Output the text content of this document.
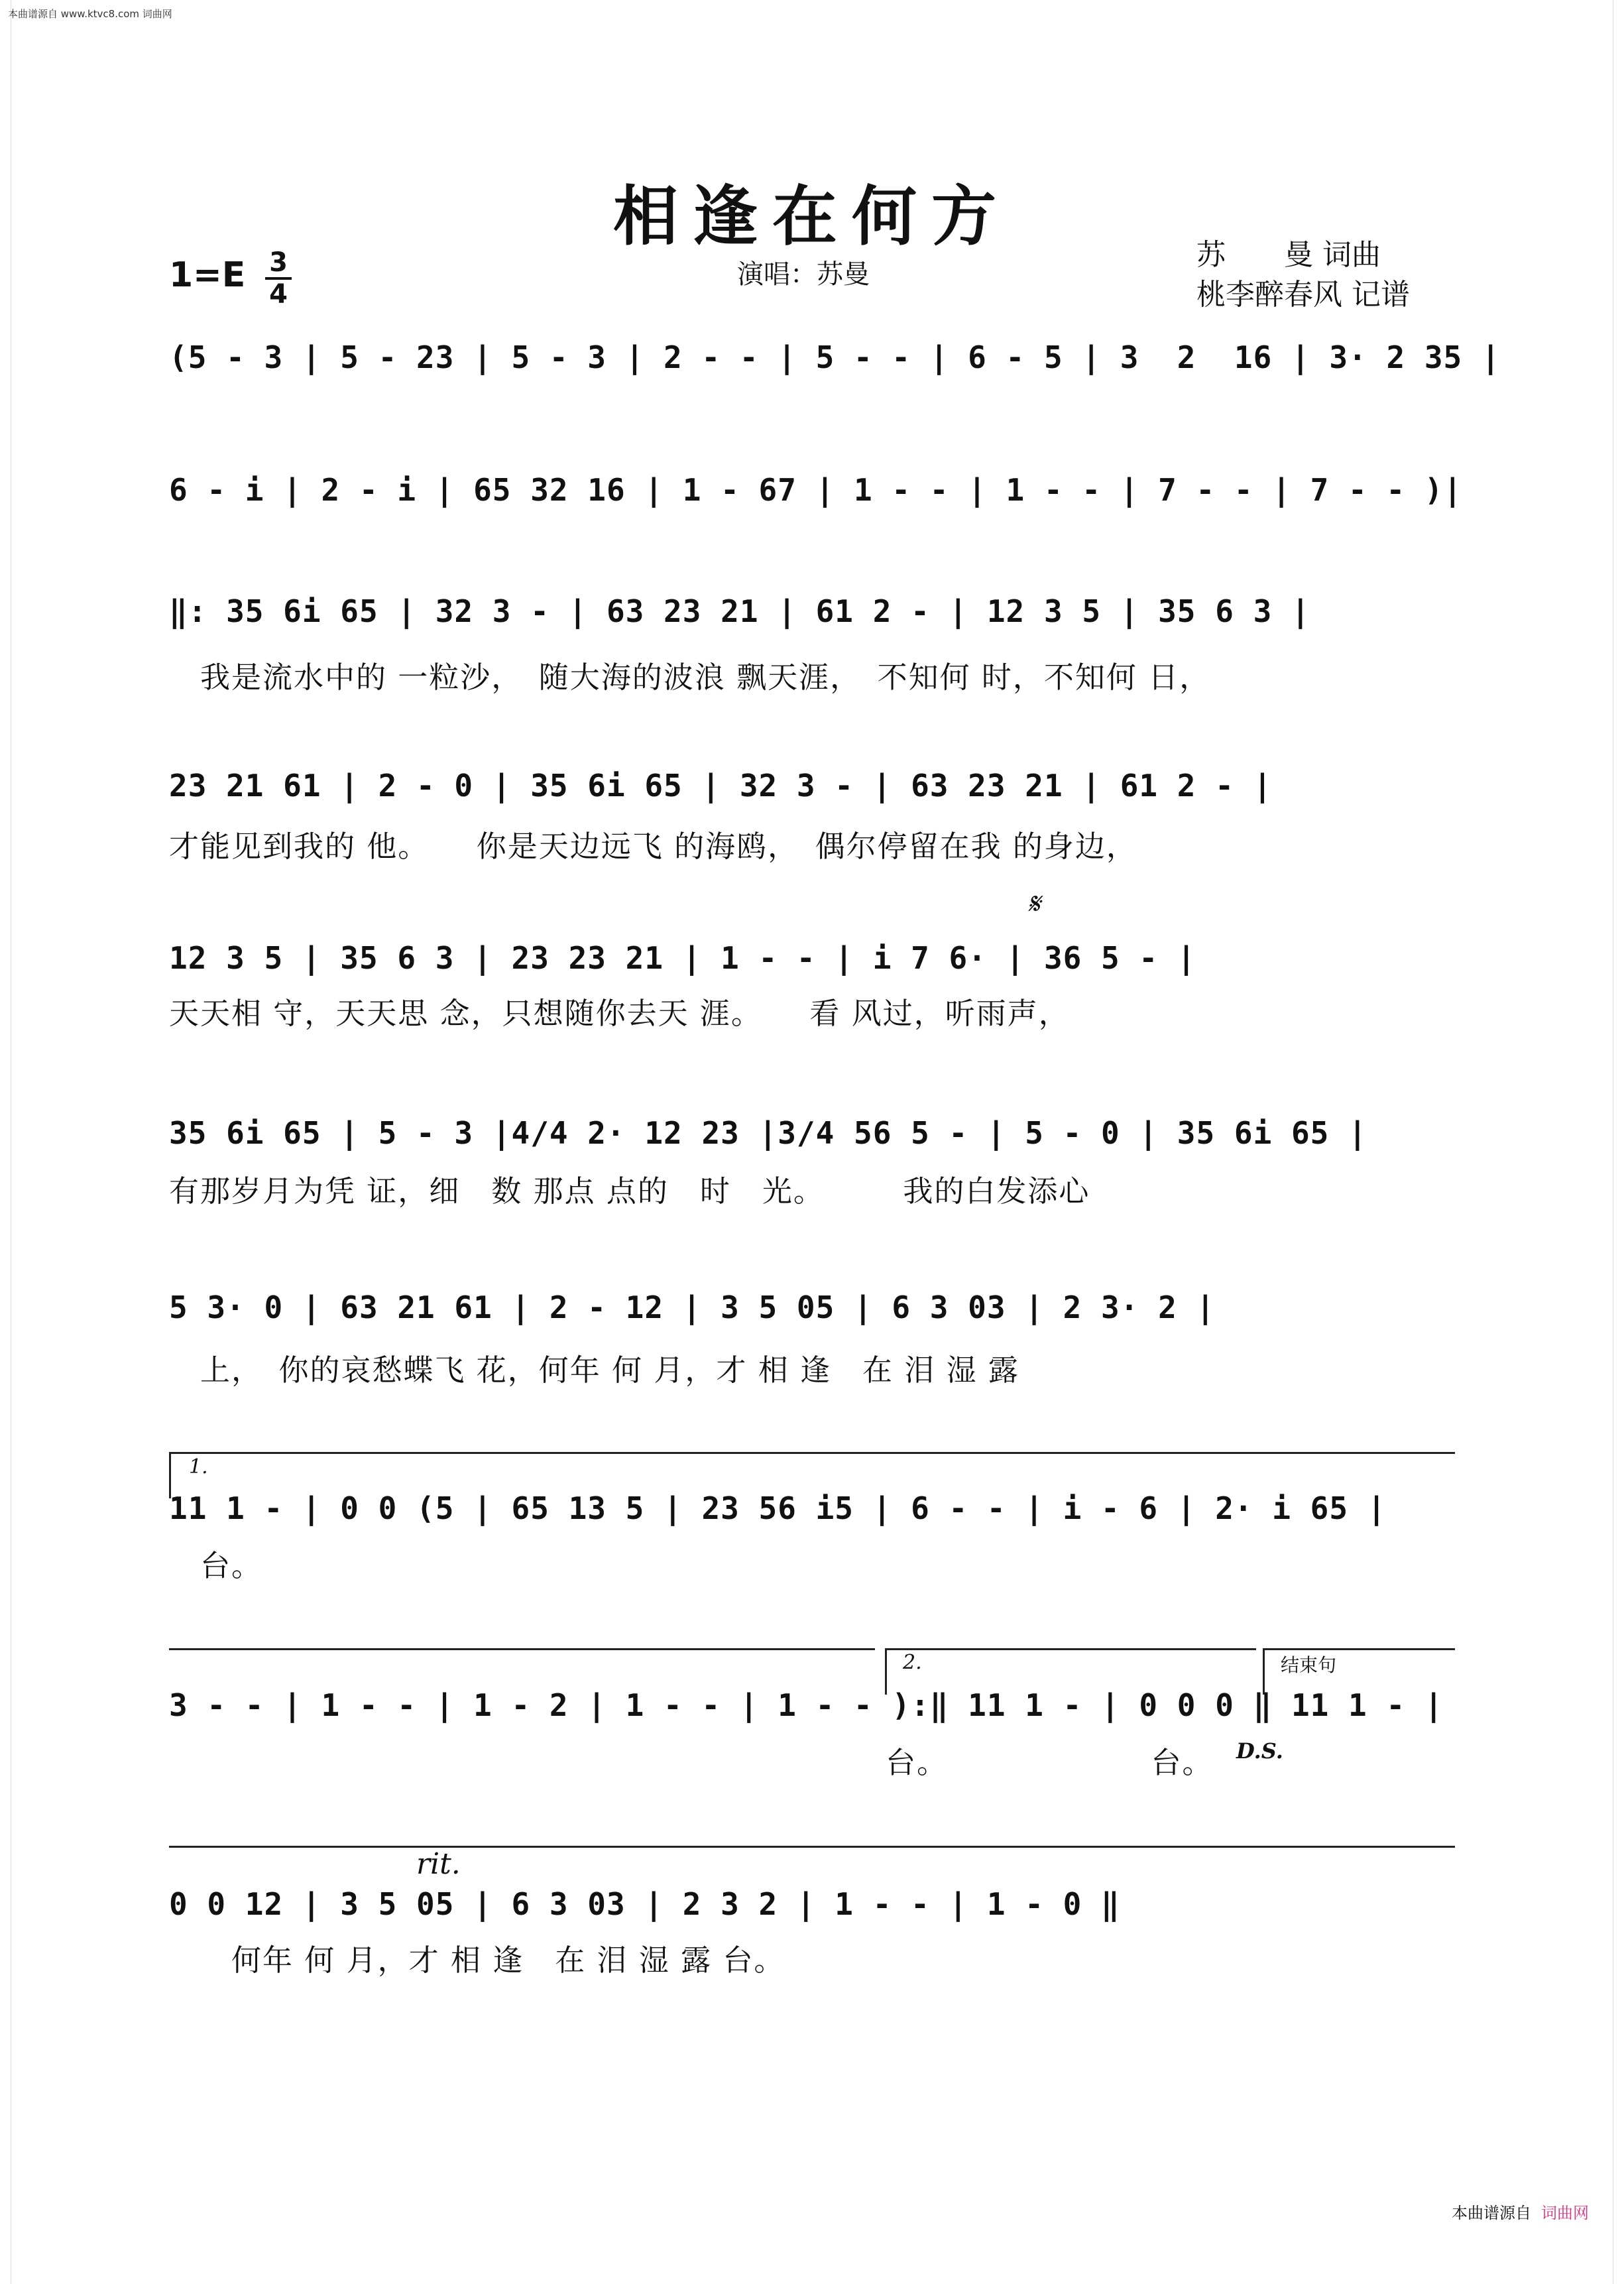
本曲谱源自 www.ktvc8.com 词曲网
相逢在何方
1=E 3
4
演唱：苏曼
苏　　曼 词曲
桃李醉春风 记谱
(5 - 3 | 5 - 23 | 5 - 3 | 2 - - | 5 - - | 6 - 5 | 3  2  16 | 3· 2 35 |
6 - i | 2 - i | 65 32 16 | 1 - 67 | 1 - - | 1 - - | 7 - - | 7 - - )|
‖: 35 6i 65 | 32 3 - | 63 23 21 | 61 2 - | 12 3 5 | 35 6 3 |
　我是流水中的 一粒沙，　随大海的波浪 飘天涯，　不知何 时，不知何 日，
23 21 61 | 2 - 0 | 35 6i 65 | 32 3 - | 63 23 21 | 61 2 - |
才能见到我的 他。　　你是天边远飞 的海鸥，　偶尔停留在我 的身边，
𝄋
12 3 5 | 35 6 3 | 23 23 21 | 1 - - | i 7 6· | 36 5 - |
天天相 守，天天思 念，只想随你去天 涯。　　看 风过，听雨声，
35 6i 65 | 5 - 3 |4/4 2· 12 23 |3/4 56 5 - | 5 - 0 | 35 6i 65 |
有那岁月为凭 证，细　数 那点 点的　时　光。　　　我的白发添心
5 3· 0 | 63 21 61 | 2 - 12 | 3 5 05 | 6 3 03 | 2 3· 2 |
　上，　你的哀愁蝶飞 花，何年 何 月，才 相 逢　在 泪 湿 露
1.
11 1 - | 0 0 (5 | 65 13 5 | 23 56 i5 | 6 - - | i - 6 | 2· i 65 |
　台。
2.	结束句
3 - - | 1 - - | 1 - 2 | 1 - - | 1 - - ):‖ 11 1 - | 0 0 0 ‖ 11 1 - |
　　　　　　　　　　　　　　　　　　　　　　　台。　　　　　　　台。	D.S.
rit.
0 0 12 | 3 5 05 | 6 3 03 | 2 3 2 | 1 - - | 1 - 0 ‖
　　何年 何 月，才 相 逢　在 泪 湿 露 台。
本曲谱源自 词曲网
